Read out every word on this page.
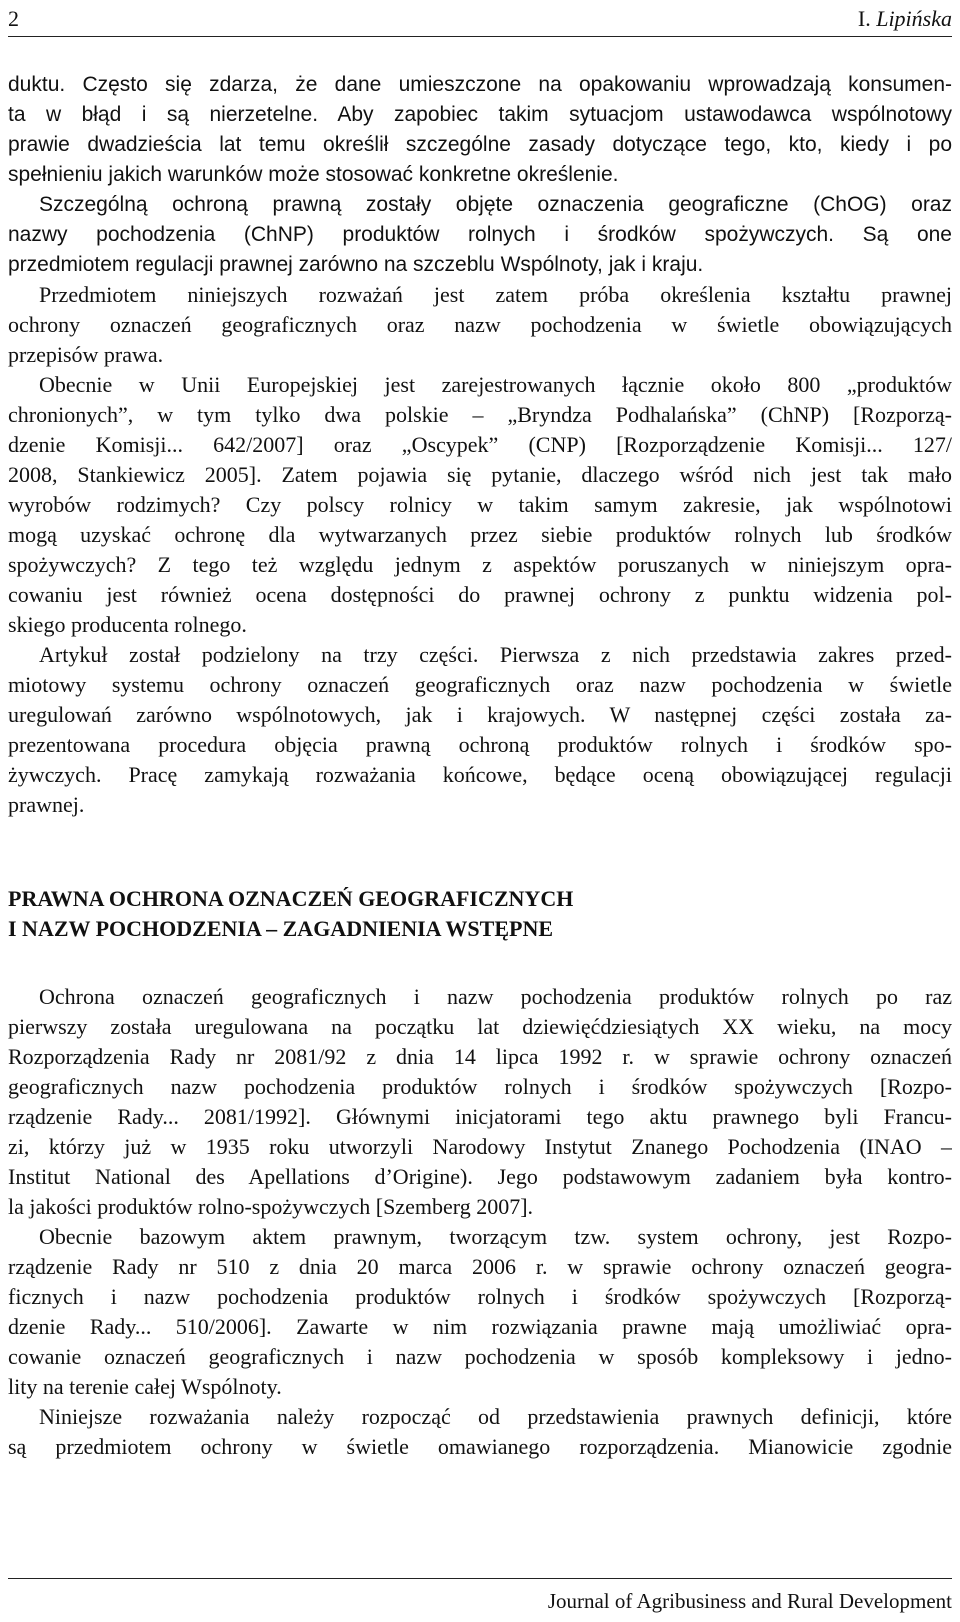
2	I. Lipińska

duktu. Często się zdarza, że dane umieszczone na opakowaniu wprowadzają konsumen-
ta w błąd i są nierzetelne. Aby zapobiec takim sytuacjom ustawodawca wspólnotowy
prawie dwadzieścia lat temu określił szczególne zasady dotyczące tego, kto, kiedy i po
spełnieniu jakich warunków może stosować konkretne określenie.

Szczególną ochroną prawną zostały objęte oznaczenia geograficzne (ChOG) oraz
nazwy pochodzenia (ChNP) produktów rolnych i środków spożywczych. Są one
przedmiotem regulacji prawnej zarówno na szczeblu Wspólnoty, jak i kraju.

Przedmiotem niniejszych rozważań jest zatem próba określenia kształtu prawnej
ochrony oznaczeń geograficznych oraz nazw pochodzenia w świetle obowiązujących
przepisów prawa.

Obecnie w Unii Europejskiej jest zarejestrowanych łącznie około 800 „produktów
chronionych”, w tym tylko dwa polskie – „Bryndza Podhalańska” (ChNP) [Rozporzą-
dzenie Komisji... 642/2007] oraz „Oscypek” (CNP) [Rozporządzenie Komisji... 127/
2008, Stankiewicz 2005]. Zatem pojawia się pytanie, dlaczego wśród nich jest tak mało
wyrobów rodzimych? Czy polscy rolnicy w takim samym zakresie, jak wspólnotowi
mogą uzyskać ochronę dla wytwarzanych przez siebie produktów rolnych lub środków
spożywczych? Z tego też względu jednym z aspektów poruszanych w niniejszym opra-
cowaniu jest również ocena dostępności do prawnej ochrony z punktu widzenia pol-
skiego producenta rolnego.

Artykuł został podzielony na trzy części. Pierwsza z nich przedstawia zakres przed-
miotowy systemu ochrony oznaczeń geograficznych oraz nazw pochodzenia w świetle
uregulowań zarówno wspólnotowych, jak i krajowych. W następnej części została za-
prezentowana procedura objęcia prawną ochroną produktów rolnych i środków spo-
żywczych. Pracę zamykają rozważania końcowe, będące oceną obowiązującej regulacji
prawnej.

PRAWNA OCHRONA OZNACZEŃ GEOGRAFICZNYCH
I NAZW POCHODZENIA – ZAGADNIENIA WSTĘPNE

Ochrona oznaczeń geograficznych i nazw pochodzenia produktów rolnych po raz
pierwszy została uregulowana na początku lat dziewięćdziesiątych XX wieku, na mocy
Rozporządzenia Rady nr 2081/92 z dnia 14 lipca 1992 r. w sprawie ochrony oznaczeń
geograficznych nazw pochodzenia produktów rolnych i środków spożywczych [Rozpo-
rządzenie Rady... 2081/1992]. Głównymi inicjatorami tego aktu prawnego byli Francu-
zi, którzy już w 1935 roku utworzyli Narodowy Instytut Znanego Pochodzenia (INAO –
Institut National des Apellations d’Origine). Jego podstawowym zadaniem była kontro-
la jakości produktów rolno-spożywczych [Szemberg 2007].

Obecnie bazowym aktem prawnym, tworzącym tzw. system ochrony, jest Rozpo-
rządzenie Rady nr 510 z dnia 20 marca 2006 r. w sprawie ochrony oznaczeń geogra-
ficznych i nazw pochodzenia produktów rolnych i środków spożywczych [Rozporzą-
dzenie Rady... 510/2006]. Zawarte w nim rozwiązania prawne mają umożliwiać opra-
cowanie oznaczeń geograficznych i nazw pochodzenia w sposób kompleksowy i jedno-
lity na terenie całej Wspólnoty.

Niniejsze rozważania należy rozpocząć od przedstawienia prawnych definicji, które
są przedmiotem ochrony w świetle omawianego rozporządzenia. Mianowicie zgodnie

Journal of Agribusiness and Rural Development
